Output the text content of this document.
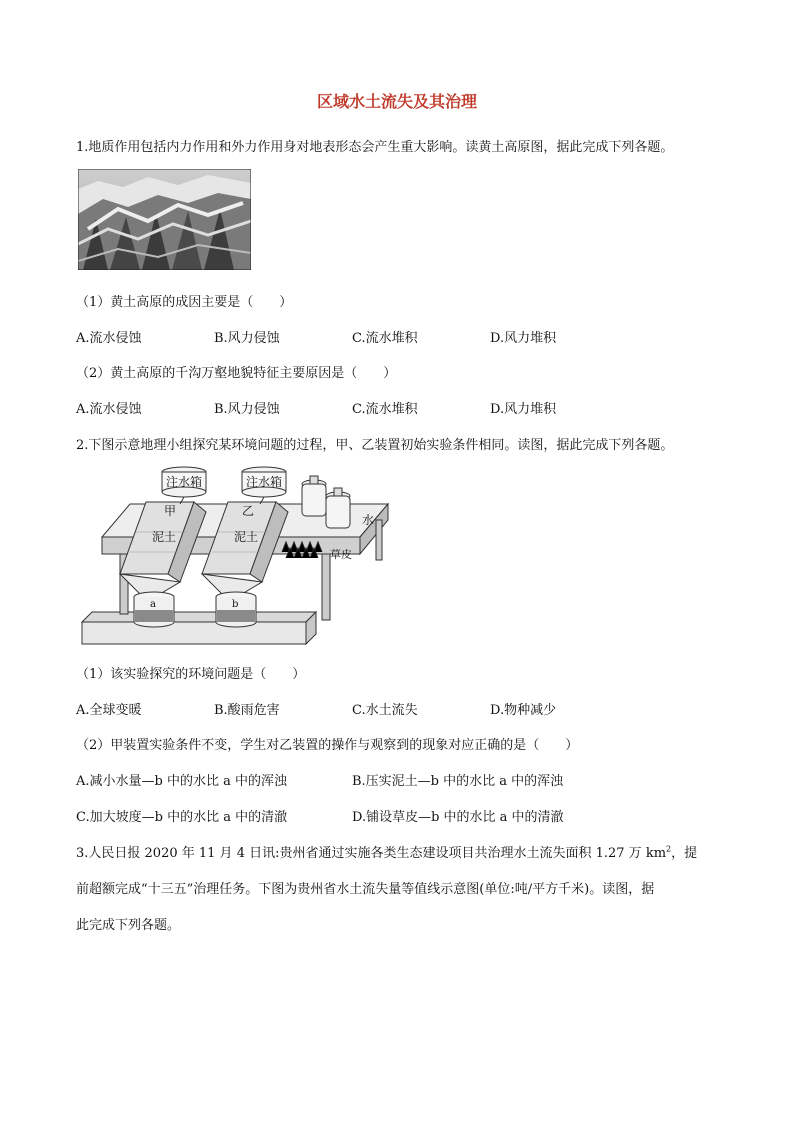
区域水土流失及其治理
1.地质作用包括内力作用和外力作用身对地表形态会产生重大影响。读黄土高原图，据此完成下列各题。
（1）黄土高原的成因主要是（　　）
A.流水侵蚀	B.风力侵蚀	C.流水堆积	D.风力堆积
（2）黄土高原的千沟万壑地貌特征主要原因是（　　）
A.流水侵蚀	B.风力侵蚀	C.流水堆积	D.风力堆积
2.下图示意地理小组探究某环境问题的过程，甲、乙装置初始实验条件相同。读图，据此完成下列各题。
注水箱	注水箱
甲	乙
泥土	泥土
水
草皮
a	b
（1）该实验探究的环境问题是（　　）
A.全球变暖	B.酸雨危害	C.水土流失	D.物种减少
（2）甲装置实验条件不变，学生对乙装置的操作与观察到的现象对应正确的是（　　）
A.减小水量—b 中的水比 a 中的浑浊	B.压实泥土—b 中的水比 a 中的浑浊
C.加大坡度—b 中的水比 a 中的清澈	D.铺设草皮—b 中的水比 a 中的清澈
3.人民日报 2020 年 11 月 4 日讯:贵州省通过实施各类生态建设项目共治理水土流失面积 1.27 万 $km^2$，提
前超额完成“十三五”治理任务。下图为贵州省水土流失量等值线示意图(单位:吨/平方千米)。读图，据
此完成下列各题。
